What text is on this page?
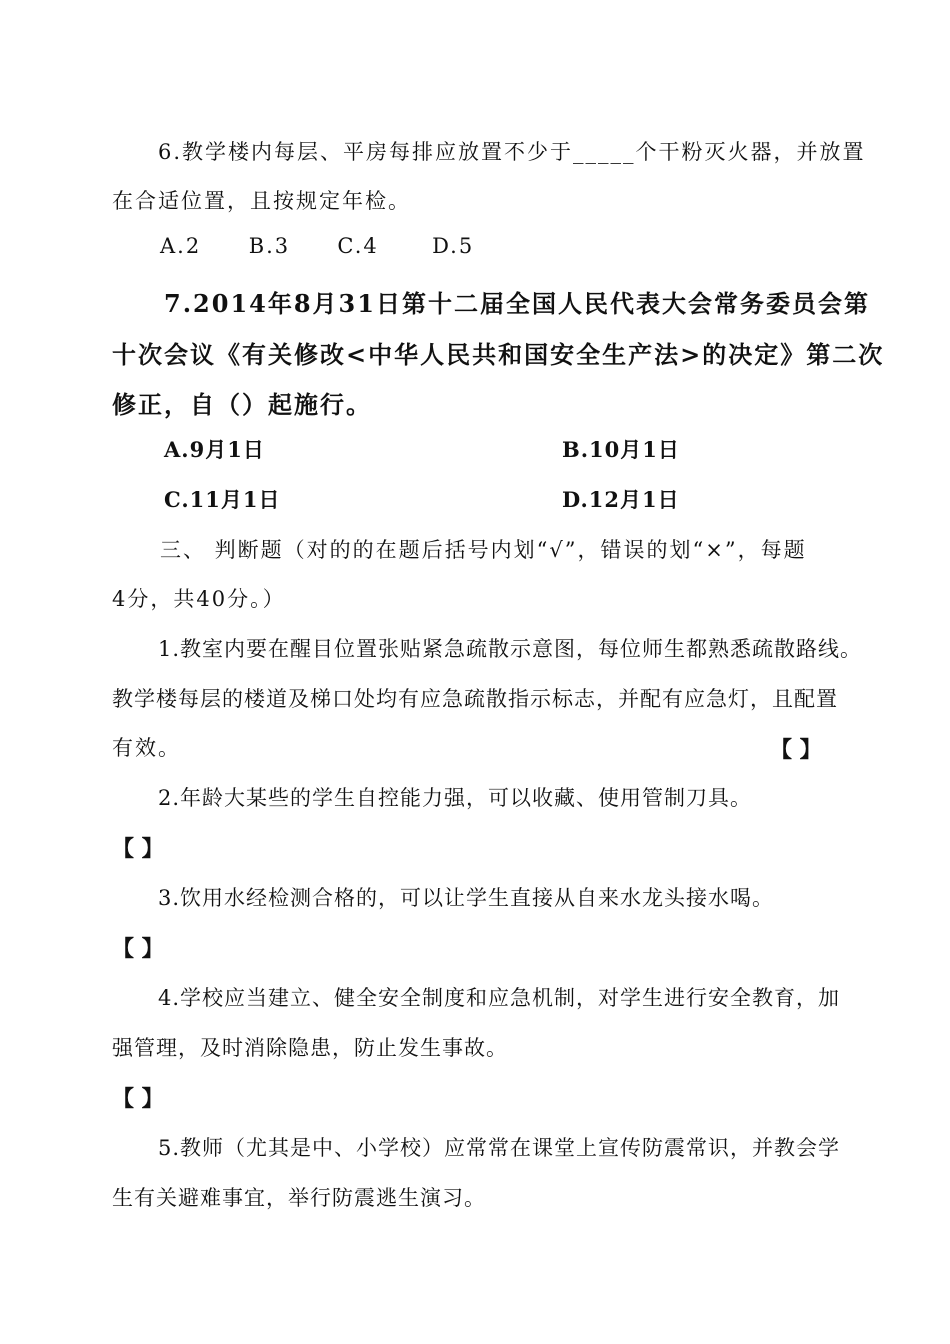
6.教学楼内每层、平房每排应放置不少于_____个干粉灭火器，并放置
在合适位置，且按规定年检。
A.2 B.3 C.4	D.5
7.2014年8月31日第十二届全国人民代表大会常务委员会第
十次会议《有关修改<中华人民共和国安全生产法>的决定》第二次
修正，自（）起施行。
A.9月1日	B.10月1日
C.11月1日	D.12月1日
三、 判断题（对的的在题后括号内划“√”，错误的划“×”，每题
4分，共40分。）
1.教室内要在醒目位置张贴紧急疏散示意图，每位师生都熟悉疏散路线。
教学楼每层的楼道及梯口处均有应急疏散指示标志，并配有应急灯，且配置
有效。	【 】
2.年龄大某些的学生自控能力强，可以收藏、使用管制刀具。
【 】
3.饮用水经检测合格的，可以让学生直接从自来水龙头接水喝。
【 】
4.学校应当建立、健全安全制度和应急机制，对学生进行安全教育，加
强管理，及时消除隐患，防止发生事故。
【 】
5.教师（尤其是中、小学校）应常常在课堂上宣传防震常识，并教会学
生有关避难事宜，举行防震逃生演习。
